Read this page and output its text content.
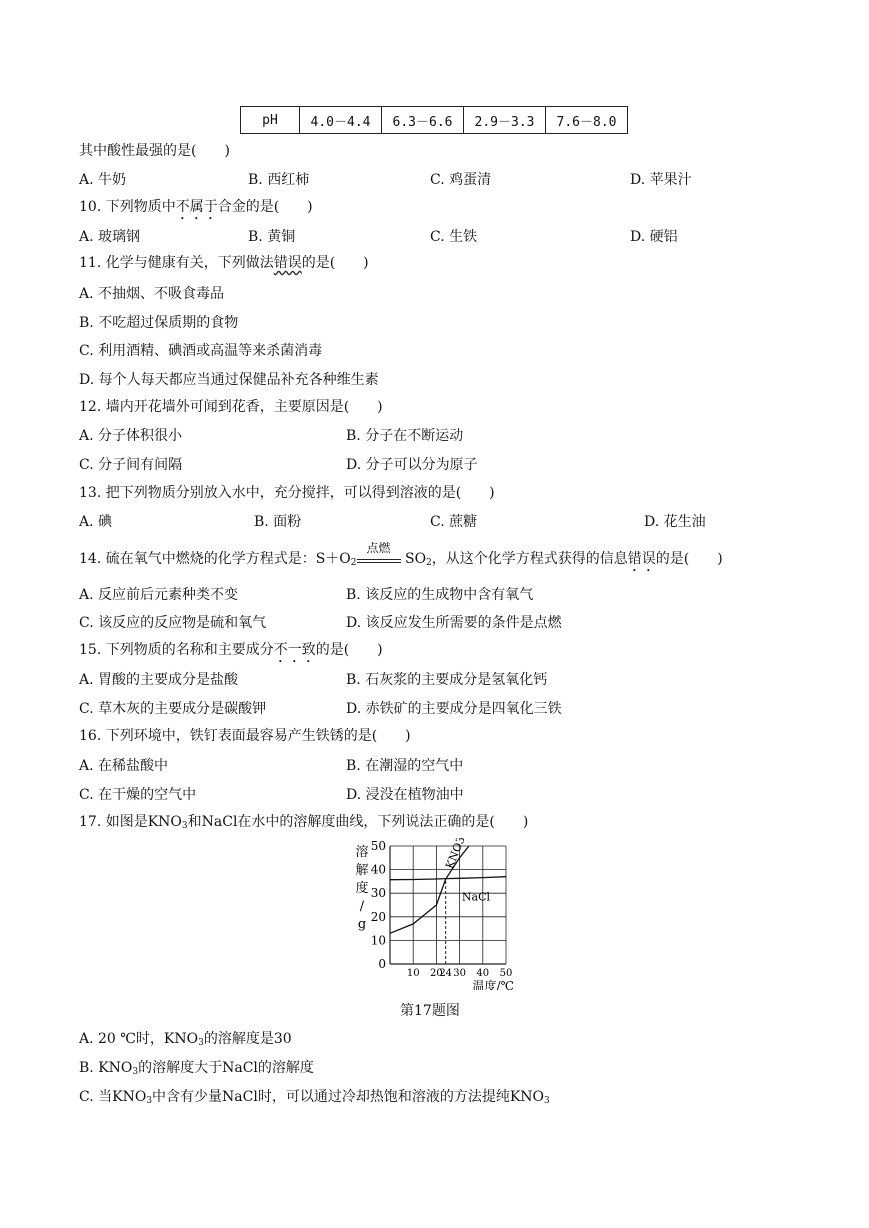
pH	4.0－4.4	6.3－6.6	2.9－3.3	7.6－8.0
其中酸性最强的是(　　)
A. 牛奶	B. 西红柿	C. 鸡蛋清	D. 苹果汁
10. 下列物质中不属于合金的是(　　)
A. 玻璃钢	B. 黄铜	C. 生铁	D. 硬铝
11. 化学与健康有关，下列做法错误的是(　　)
A. 不抽烟、不吸食毒品
B. 不吃超过保质期的食物
C. 利用酒精、碘酒或高温等来杀菌消毒
D. 每个人每天都应当通过保健品补充各种维生素
12. 墙内开花墙外可闻到花香，主要原因是(　　)
A. 分子体积很小	B. 分子在不断运动
C. 分子间有间隔	D. 分子可以分为原子
13. 把下列物质分别放入水中，充分搅拌，可以得到溶液的是(　　)
A. 碘	B. 面粉	C. 蔗糖	D. 花生油
14. 硫在氧气中燃烧的化学方程式是：$S+O_2$
点燃
$SO_2$，从这个化学方程式获得的信息错误的是(　　)
A. 反应前后元素种类不变	B. 该反应的生成物中含有氧气
C. 该反应的反应物是硫和氧气	D. 该反应发生所需要的条件是点燃
15. 下列物质的名称和主要成分不一致的是(　　)
A. 胃酸的主要成分是盐酸	B. 石灰浆的主要成分是氢氧化钙
C. 草木灰的主要成分是碳酸钾	D. 赤铁矿的主要成分是四氧化三铁
16. 下列环境中，铁钉表面最容易产生铁锈的是(　　)
A. 在稀盐酸中	B. 在潮湿的空气中
C. 在干燥的空气中	D. 浸没在植物油中
17. 如图是$KNO_3$和NaCl在水中的溶解度曲线，下列说法正确的是(　　)
KNO3
NaCl
0
10
20
30
40
50
10 20
24 30 40 50
溶
解
度
/
g
温度/℃
第17题图
A. 20 ℃时，$KNO_3$的溶解度是30
B. $KNO_3$的溶解度大于NaCl的溶解度
C. 当$KNO_3$中含有少量NaCl时，可以通过冷却热饱和溶液的方法提纯$KNO_3$
